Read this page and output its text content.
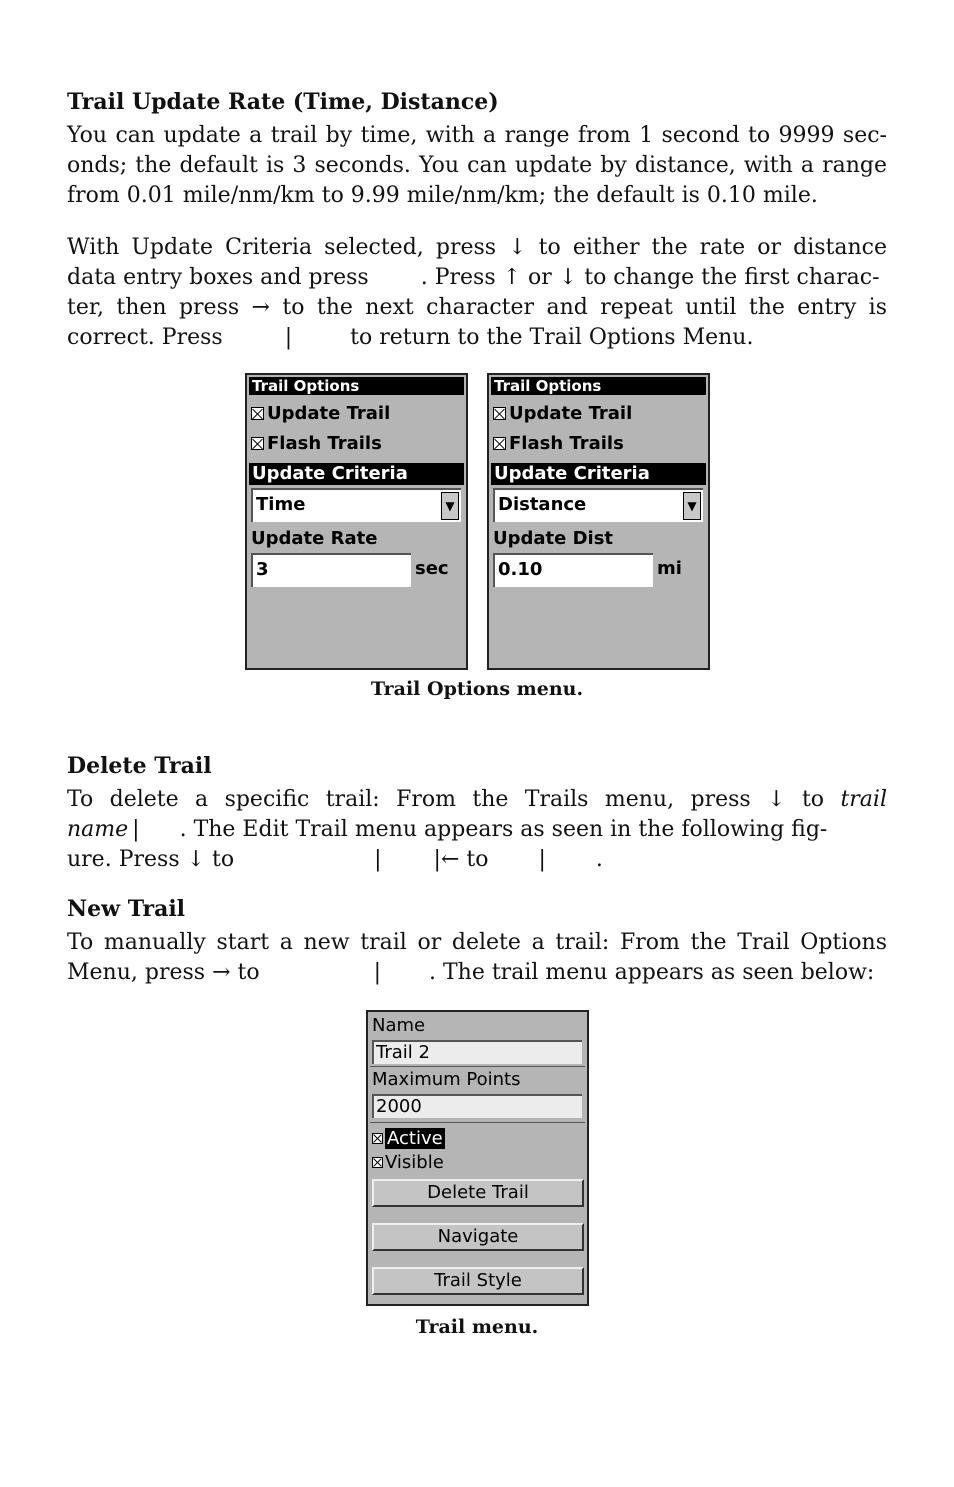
Trail Update Rate (Time, Distance)
You can update a trail by time, with a range from 1 second to 9999 sec-
onds; the default is 3 seconds. You can update by distance, with a range
from 0.01 mile/nm/km to 9.99 mile/nm/km; the default is 0.10 mile.
With Update Criteria selected, press ↓ to either the rate or distance
data entry boxes and press . Press ↑ or ↓ to change the first charac-
ter, then press → to the next character and repeat until the entry is
correct. Press	|	to return to the Trail Options Menu.
Trail Options
Update Trail
Flash Trails
Update Criteria
Time	▼
Update Rate
3	sec
Trail Options
Update Trail
Flash Trails
Update Criteria
Distance	▼
Update Dist
0.10	mi
Trail Options menu.
Delete Trail
To delete a specific trail: From the Trails menu, press ↓ to trail
name | . The Edit Trail menu appears as seen in the following fig-
ure. Press ↓ to	| |← to | .
New Trail
To manually start a new trail or delete a trail: From the Trail Options
Menu, press → to	| . The trail menu appears as seen below:
Name
Trail 2
Maximum Points
2000
Active
Visible
Delete Trail
Navigate
Trail Style
Trail menu.
